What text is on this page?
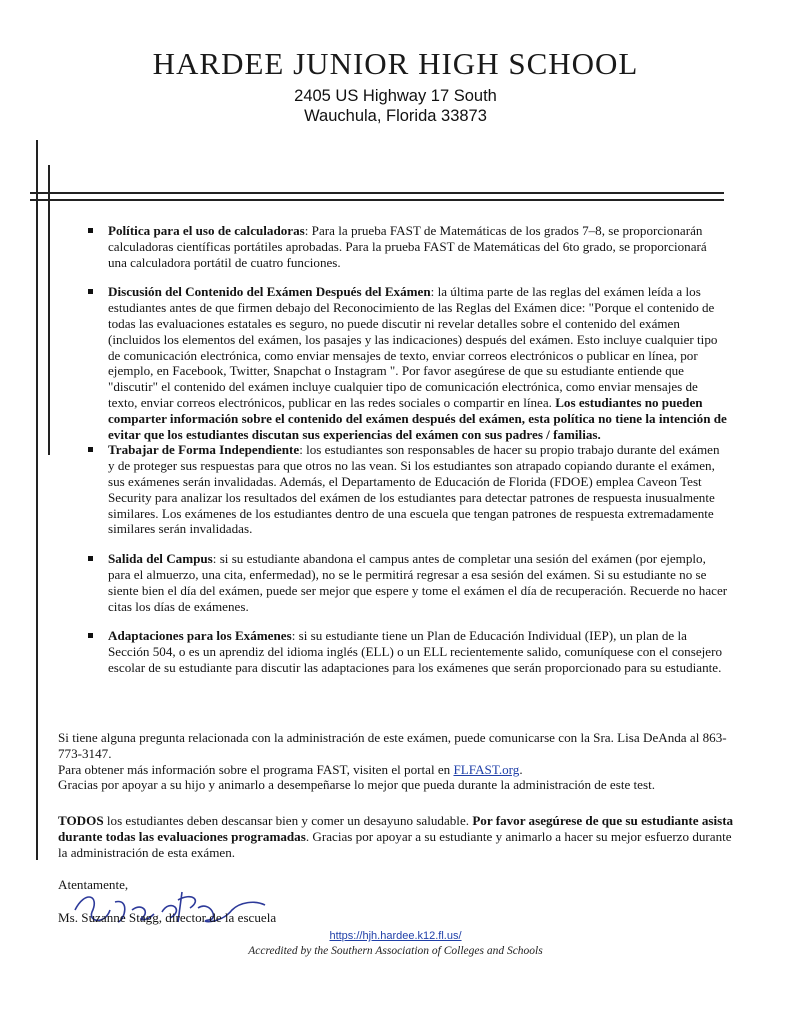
HARDEE JUNIOR HIGH SCHOOL
2405 US Highway 17 South
Wauchula, Florida 33873
Política para el uso de calculadoras: Para la prueba FAST de Matemáticas de los grados 7–8, se proporcionarán calculadoras científicas portátiles aprobadas. Para la prueba FAST de Matemáticas del 6to grado, se proporcionará una calculadora portátil de cuatro funciones.
Discusión del Contenido del Exámen Después del Exámen: la última parte de las reglas del exámen leída a los estudiantes antes de que firmen debajo del Reconocimiento de las Reglas del Exámen dice: "Porque el contenido de todas las evaluaciones estatales es seguro, no puede discutir ni revelar detalles sobre el contenido del exámen (incluidos los elementos del exámen, los pasajes y las indicaciones) después del exámen. Esto incluye cualquier tipo de comunicación electrónica, como enviar mensajes de texto, enviar correos electrónicos o publicar en línea, por ejemplo, en Facebook, Twitter, Snapchat o Instagram ". Por favor asegúrese de que su estudiante entiende que "discutir" el contenido del exámen incluye cualquier tipo de comunicación electrónica, como enviar mensajes de texto, enviar correos electrónicos, publicar en las redes sociales o compartir en línea. Los estudiantes no pueden comparter información sobre el contenido del exámen después del exámen, esta política no tiene la intención de evitar que los estudiantes discutan sus experiencias del exámen con sus padres / familias.
Trabajar de Forma Independiente: los estudiantes son responsables de hacer su propio trabajo durante del exámen y de proteger sus respuestas para que otros no las vean. Si los estudiantes son atrapado copiando durante el exámen, sus exámenes serán invalidadas. Además, el Departamento de Educación de Florida (FDOE) emplea Caveon Test Security para analizar los resultados del exámen de los estudiantes para detectar patrones de respuesta inusualmente similares. Los exámenes de los estudiantes dentro de una escuela que tengan patrones de respuesta extremadamente similares serán invalidadas.
Salida del Campus: si su estudiante abandona el campus antes de completar una sesión del exámen (por ejemplo, para el almuerzo, una cita, enfermedad), no se le permitirá regresar a esa sesión del exámen. Si su estudiante no se siente bien el día del exámen, puede ser mejor que espere y tome el exámen el día de recuperación. Recuerde no hacer citas los días de exámenes.
Adaptaciones para los Exámenes: si su estudiante tiene un Plan de Educación Individual (IEP), un plan de la Sección 504, o es un aprendiz del idioma inglés (ELL) o un ELL recientemente salido, comuníquese con el consejero escolar de su estudiante para discutir las adaptaciones para los exámenes que serán proporcionado para su estudiante.
Si tiene alguna pregunta relacionada con la administración de este exámen, puede comunicarse con la Sra. Lisa DeAnda al 863-773-3147.
Para obtener más información sobre el programa FAST, visiten el portal en FLFAST.org.
Gracias por apoyar a su hijo y animarlo a desempeñarse lo mejor que pueda durante la administración de este test.
TODOS los estudiantes deben descansar bien y comer un desayuno saludable. Por favor asegúrese de que su estudiante asista durante todas las evaluaciones programadas. Gracias por apoyar a su estudiante y animarlo a hacer su mejor esfuerzo durante la administración de esta exámen.
Atentamente,
Ms. Suzanne Stagg, director de la escuela
https://hjh.hardee.k12.fl.us/
Accredited by the Southern Association of Colleges and Schools
